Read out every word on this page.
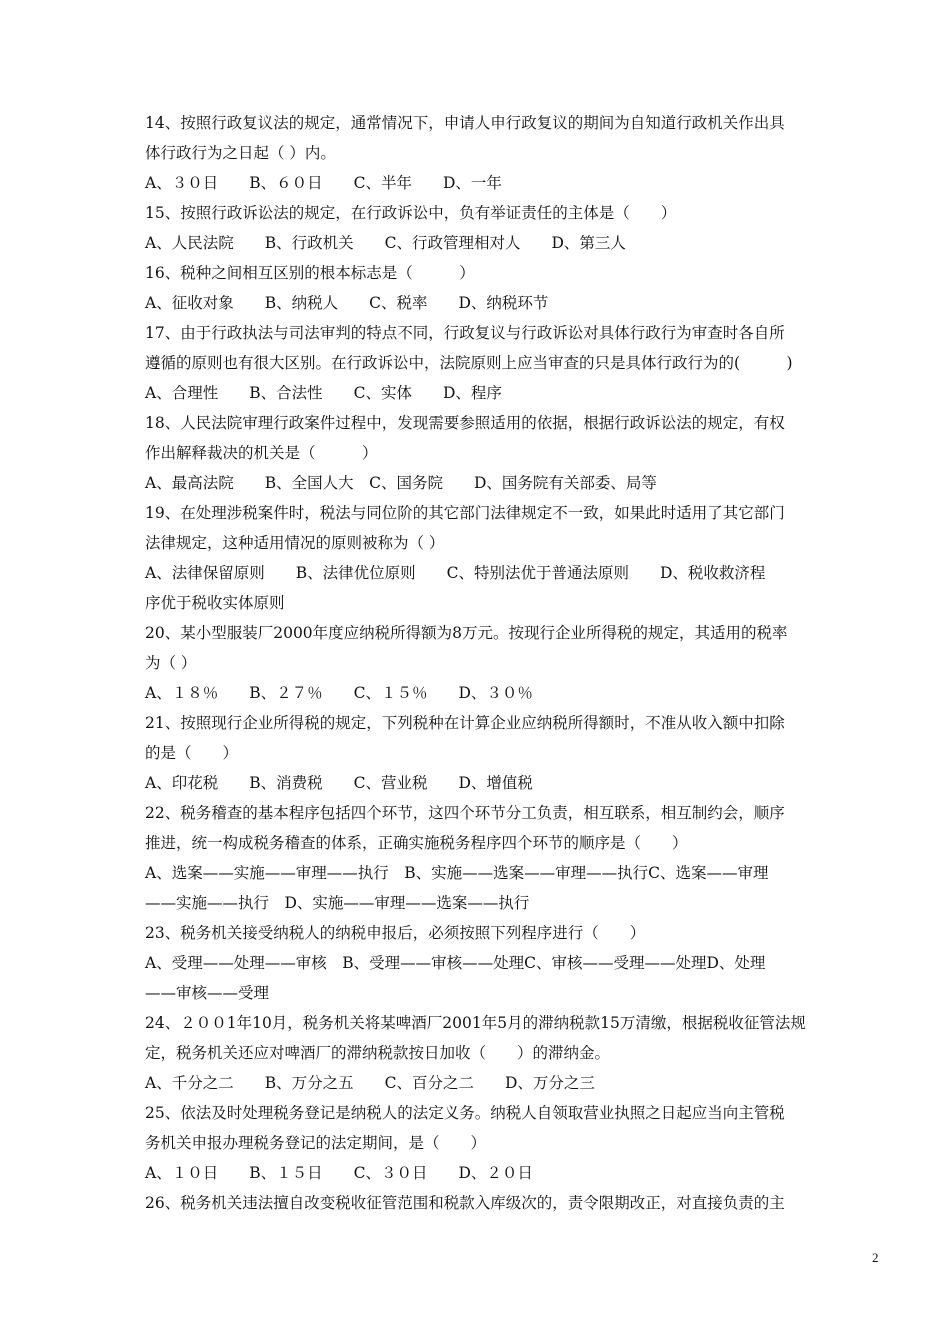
14、按照行政复议法的规定，通常情况下，申请人申行政复议的期间为自知道行政机关作出具
体行政行为之日起（ ）内。
A、３０日　　B、６０日　　C、半年　　D、一年
15、按照行政诉讼法的规定，在行政诉讼中，负有举证责任的主体是（　　）
A、人民法院　　B、行政机关　　C、行政管理相对人　　D、第三人
16、税种之间相互区别的根本标志是（　　　）
A、征收对象　　B、纳税人　　C、税率　　D、纳税环节
17、由于行政执法与司法审判的特点不同，行政复议与行政诉讼对具体行政行为审查时各自所
遵循的原则也有很大区别。在行政诉讼中，法院原则上应当审查的只是具体行政行为的(　　　)
A、合理性　　B、合法性　　C、实体　　D、程序
18、人民法院审理行政案件过程中，发现需要参照适用的依据，根据行政诉讼法的规定，有权
作出解释裁决的机关是（　　　）
A、最高法院　　B、全国人大　C、国务院　　D、国务院有关部委、局等
19、在处理涉税案件时，税法与同位阶的其它部门法律规定不一致，如果此时适用了其它部门
法律规定，这种适用情况的原则被称为（ ）
A、法律保留原则　　B、法律优位原则　　C、特别法优于普通法原则　　D、税收救济程
序优于税收实体原则
20、某小型服装厂2000年度应纳税所得额为8万元。按现行企业所得税的规定，其适用的税率
为（ ）
A、１８％　　B、２７％　　C、１５％　　D、３０％
21、按照现行企业所得税的规定，下列税种在计算企业应纳税所得额时，不准从收入额中扣除
的是（　　）
A、印花税　　B、消费税　　C、营业税　　D、增值税
22、税务稽查的基本程序包括四个环节，这四个环节分工负责，相互联系，相互制约会，顺序
推进，统一构成税务稽查的体系，正确实施税务程序四个环节的顺序是（　　）
A、选案——实施——审理——执行　B、实施——选案——审理——执行C、选案——审理
——实施——执行　D、实施——审理——选案——执行
23、税务机关接受纳税人的纳税申报后，必须按照下列程序进行（　　）
A、受理——处理——审核　B、受理——审核——处理C、审核——受理——处理D、处理
——审核——受理
24、２００1年10月，税务机关将某啤酒厂2001年5月的滞纳税款15万清缴，根据税收征管法规
定，税务机关还应对啤酒厂的滞纳税款按日加收（　　）的滞纳金。
A、千分之二　　B、万分之五　　C、百分之二　　D、万分之三
25、依法及时处理税务登记是纳税人的法定义务。纳税人自领取营业执照之日起应当向主管税
务机关申报办理税务登记的法定期间，是（　　）
A、１０日　　B、１５日　　C、３０日　　D、２０日
26、税务机关违法擅自改变税收征管范围和税款入库级次的，责令限期改正，对直接负责的主
2
